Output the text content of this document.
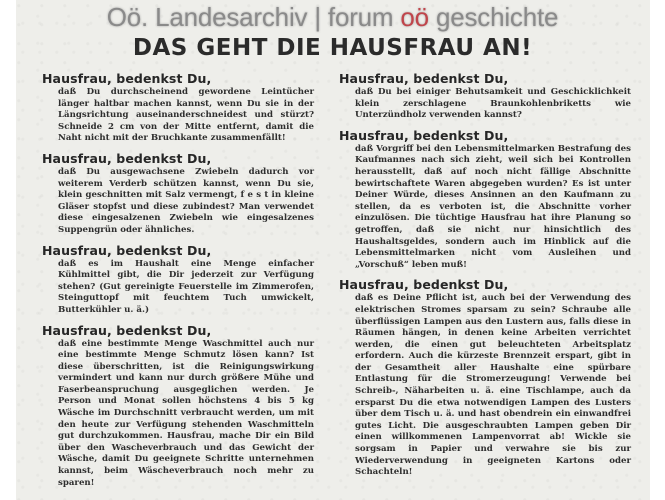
Oö. Landesarchiv | forum oö geschichte
DAS GEHT DIE HAUSFRAU AN!
Hausfrau, bedenkst Du,
daß Du durchscheinend gewordene Leintücher länger haltbar machen kannst, wenn Du sie in der Längsrichtung auseinanderschneidest und stürzt? Schneide 2 cm von der Mitte entfernt, damit die Naht nicht mit der Bruchkante zusammenfällt!
Hausfrau, bedenkst Du,
daß Du ausgewachsene Zwiebeln dadurch vor weiterem Verderb schützen kannst, wenn Du sie, klein geschnitten mit Salz vermengt, f e s t in kleine Gläser stopfst und diese zubindest? Man verwendet diese eingesalzenen Zwiebeln wie eingesalzenes Suppengrün oder ähnliches.
Hausfrau, bedenkst Du,
daß es im Haushalt eine Menge einfacher Kühlmittel gibt, die Dir jederzeit zur Verfügung stehen? (Gut gereinigte Feuerstelle im Zimmerofen, Steinguttopf mit feuchtem Tuch umwickelt, Butterkühler u. ä.)
Hausfrau, bedenkst Du,
daß eine bestimmte Menge Waschmittel auch nur eine bestimmte Menge Schmutz lösen kann? Ist diese überschritten, ist die Reinigungswirkung vermindert und kann nur durch größere Mühe und Faserbeanspruchung ausgeglichen werden. Je Person und Monat sollen höchstens 4 bis 5 kg Wäsche im Durchschnitt verbraucht werden, um mit den heute zur Verfügung stehenden Waschmitteln gut durchzukommen. Hausfrau, mache Dir ein Bild über den Wascheverbrauch und das Gewicht der Wäsche, damit Du geeignete Schritte unternehmen kannst, beim Wäscheverbrauch noch mehr zu sparen!
Hausfrau, bedenkst Du,
daß Du bei einiger Behutsamkeit und Geschicklichkeit klein zerschlagene Braunkohlenbriketts wie Unterzündholz verwenden kannst?
Hausfrau, bedenkst Du,
daß Vorgriff bei den Lebensmittelmarken Bestrafung des Kaufmannes nach sich zieht, weil sich bei Kontrollen herausstellt, daß auf noch nicht fällige Abschnitte bewirtschaftete Waren abgegeben wurden? Es ist unter Deiner Würde, dieses Ansinnen an den Kaufmann zu stellen, da es verboten ist, die Abschnitte vorher einzulösen. Die tüchtige Hausfrau hat ihre Planung so getroffen, daß sie nicht nur hinsichtlich des Haushaltsgeldes, sondern auch im Hinblick auf die Lebensmittelmarken nicht vom Ausleihen und „Vorschuß“ leben muß!
Hausfrau, bedenkst Du,
daß es Deine Pflicht ist, auch bei der Verwendung des elektrischen Stromes sparsam zu sein? Schraube alle überflüssigen Lampen aus den Lustern aus, falls diese in Räumen hängen, in denen keine Arbeiten verrichtet werden, die einen gut beleuchteten Arbeitsplatz erfordern. Auch die kürzeste Brennzeit erspart, gibt in der Gesamtheit aller Haushalte eine spürbare Entlastung für die Stromerzeugung! Verwende bei Schreib-, Näharbeiten u. ä. eine Tischlampe, auch da ersparst Du die etwa notwendigen Lampen des Lusters über dem Tisch u. ä. und hast obendrein ein einwandfrei gutes Licht. Die ausgeschraubten Lampen geben Dir einen willkommenen Lampenvorrat ab! Wickle sie sorgsam in Papier und verwahre sie bis zur Wiederverwendung in geeigneten Kartons oder Schachteln!
